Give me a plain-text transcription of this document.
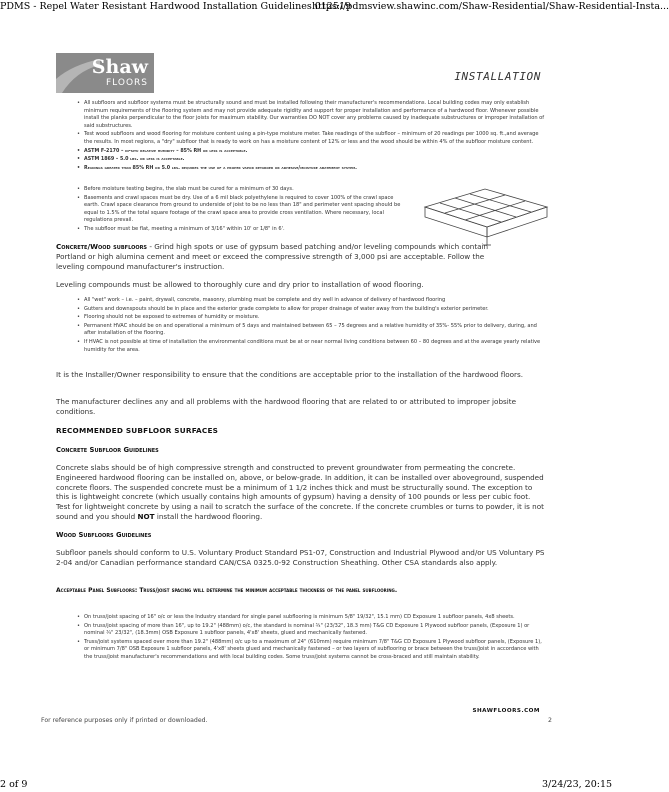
PDMS - Repel Water Resistant Hardwood Installation Guidelines 012519
https://pdmsview.shawinc.com/Shaw-Residential/Shaw-Residential-Insta...
Shaw
FLOORS	INSTALLATION
• All subfloors and subfloor systems must be structurally sound and must be installed following their manufacturer's recommendations. Local building codes may only establish minimum requirements of the flooring system and may not provide adequate rigidity and support for proper installation and performance of a hardwood floor. Whenever possible install the planks perpendicular to the floor joists for maximum stability. Our warranties DO NOT cover any problems caused by inadequate substructures or improper installation of said substructures.
• Test wood subfloors and wood flooring for moisture content using a pin-type moisture meter. Take readings of the subfloor – minimum of 20 readings per 1000 sq. ft.,and average the results. In most regions, a "dry" subfloor that is ready to work on has a moisture content of 12% or less and the wood should be within 4% of the subfloor moisture content.
• ASTM F-2170 – in-situ relative humidity – 85% RH or less is acceptable.
• ASTM 1869 – 5.0 lbs. or less is acceptable.
• Readings greater than 85% RH or 5.0 lbs. requires the use of a proper vapor retarder or adhesive/moisture abatement system.
• Before moisture testing begins, the slab must be cured for a minimum of 30 days.
• Basements and crawl spaces must be dry. Use of a 6 mil black polyethylene is required to cover 100% of the crawl space earth. Crawl space clearance from ground to underside of joist to be no less than 18" and perimeter vent spacing should be equal to 1.5% of the total square footage of the crawl space area to provide cross ventilation. Where necessary, local regulations prevail.
• The subfloor must be flat, meeting a minimum of 3/16" within 10' or 1/8" in 6'.
Concrete/Wood subfloors - Grind high spots or use of gypsum based patching and/or leveling compounds which contain Portland or high alumina cement and meet or exceed the compressive strength of 3,000 psi are acceptable. Follow the leveling compound manufacturer's instruction.
Leveling compounds must be allowed to thoroughly cure and dry prior to installation of wood flooring.
• All "wet" work – i.e. – paint, drywall, concrete, masonry, plumbing must be complete and dry well in advance of delivery of hardwood flooring
• Gutters and downspouts should be in place and the exterior grade complete to allow for proper drainage of water away from the building's exterior perimeter.
• Flooring should not be exposed to extremes of humidity or moisture.
• Permanent HVAC should be on and operational a minimum of 5 days and maintained between 65 – 75 degrees and a relative humidity of 35%- 55% prior to delivery, during, and after installation of the flooring.
• If HVAC is not possible at time of installation the environmental conditions must be at or near normal living conditions between 60 – 80 degrees and at the average yearly relative humidity for the area.
It is the Installer/Owner responsibility to ensure that the conditions are acceptable prior to the installation of the hardwood floors.
The manufacturer declines any and all problems with the hardwood flooring that are related to or attributed to improper jobsite conditions.
RECOMMENDED SUBFLOOR SURFACES
Concrete Subfloor Guidelines
Concrete slabs should be of high compressive strength and constructed to prevent groundwater from permeating the concrete. Engineered hardwood flooring can be installed on, above, or below-grade. In addition, it can be installed over aboveground, suspended concrete floors. The suspended concrete must be a minimum of 1 1/2 inches thick and must be structurally sound. The exception to this is lightweight concrete (which usually contains high amounts of gypsum) having a density of 100 pounds or less per cubic foot. Test for lightweight concrete by using a nail to scratch the surface of the concrete. If the concrete crumbles or turns to powder, it is not sound and you should NOT install the hardwood flooring.
Wood Subfloors Guidelines
Subfloor panels should conform to U.S. Voluntary Product Standard PS1-07, Construction and Industrial Plywood and/or US Voluntary PS 2-04 and/or Canadian performance standard CAN/CSA 0325.0-92 Construction Sheathing. Other CSA standards also apply.
Acceptable Panel Subfloors: Truss/joist spacing will determine the minimum acceptable thickness of the panel subflooring.
• On truss/joist spacing of 16" o/c or less the Industry standard for single panel subflooring is minimum 5/8" 19/32", 15.1 mm) CD Exposure 1 subfloor panels, 4x8 sheets.
• On truss/joist spacing of more than 16", up to 19.2" (488mm) o/c, the standard is nominal ¾" (23/32", 18.3 mm) T&G CD Exposure 1 Plywood subfloor panels, (Exposure 1) or nominal ¾" 23/32", (18.3mm) OSB Exposure 1 subfloor panels, 4'x8' sheets, glued and mechanically fastened.
• Truss/joist systems spaced over more than 19.2" (488mm) o/c up to a maximum of 24" (610mm) require minimum 7/8" T&G CD Exposure 1 Plywood subfloor panels, (Exposure 1), or minimum 7/8" OSB Exposure 1 subfloor panels, 4'x8' sheets glued and mechanically fastened – or two layers of subflooring or brace between the truss/joist in accordance with the truss/joist manufacturer's recommendations and with local building codes. Some truss/joist systems cannot be cross-braced and still maintain stability.
SHAWFLOORS.COM
For reference purposes only if printed or downloaded.	2
2 of 9	3/24/23, 20:15
